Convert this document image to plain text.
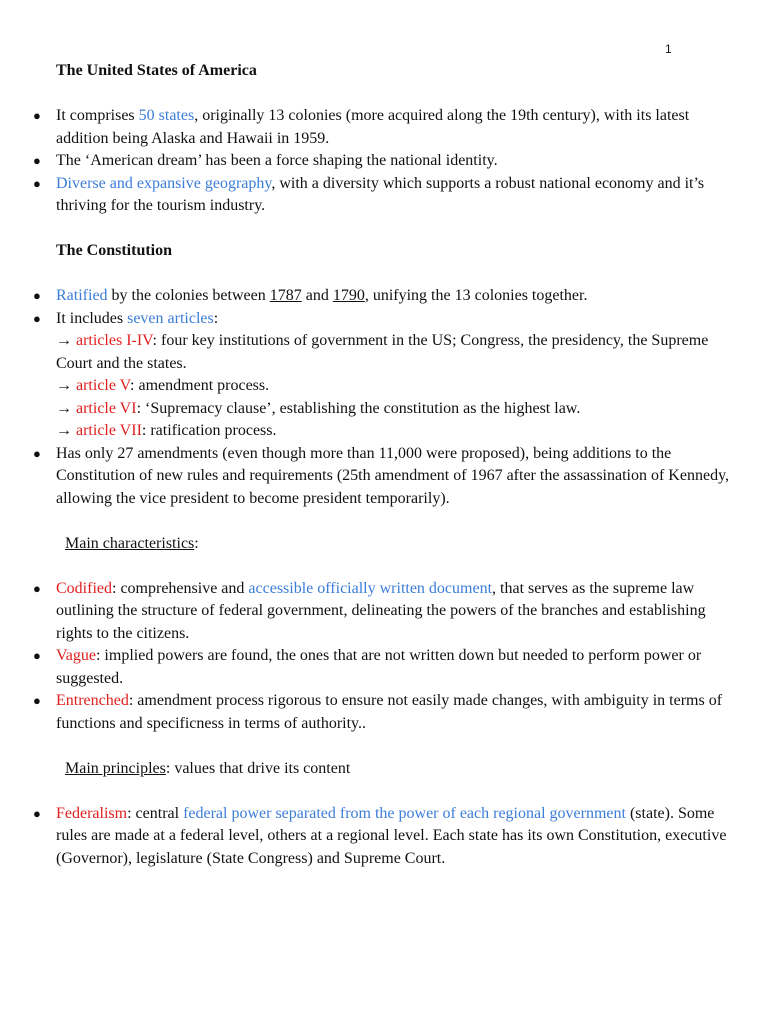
1
The United States of America
● It comprises 50 states, originally 13 colonies (more acquired along the 19th century), with its latest addition being Alaska and Hawaii in 1959.
● The ‘American dream’ has been a force shaping the national identity.
● Diverse and expansive geography, with a diversity which supports a robust national economy and it’s thriving for the tourism industry.
The Constitution
● Ratified by the colonies between 1787 and 1790, unifying the 13 colonies together.
● It includes seven articles:
→ articles I-IV: four key institutions of government in the US; Congress, the presidency, the Supreme Court and the states.
→ article V: amendment process.
→ article VI: ‘Supremacy clause’, establishing the constitution as the highest law.
→ article VII: ratification process.
● Has only 27 amendments (even though more than 11,000 were proposed), being additions to the Constitution of new rules and requirements (25th amendment of 1967 after the assassination of Kennedy, allowing the vice president to become president temporarily).
Main characteristics:
● Codified: comprehensive and accessible officially written document, that serves as the supreme law outlining the structure of federal government, delineating the powers of the branches and establishing rights to the citizens.
● Vague: implied powers are found, the ones that are not written down but needed to perform power or suggested.
● Entrenched: amendment process rigorous to ensure not easily made changes, with ambiguity in terms of functions and specificness in terms of authority..
Main principles: values that drive its content
● Federalism: central federal power separated from the power of each regional government (state). Some rules are made at a federal level, others at a regional level. Each state has its own Constitution, executive (Governor), legislature (State Congress) and Supreme Court.
